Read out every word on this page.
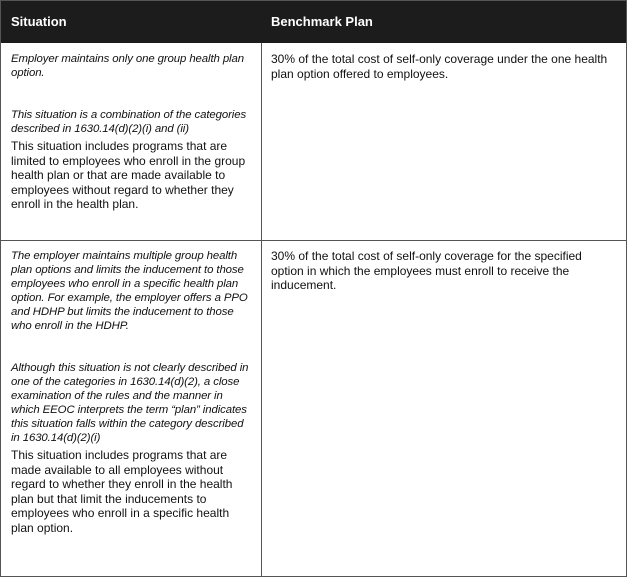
Situation	Benchmark Plan

Employer maintains only one group health plan option.

This situation is a combination of the categories described in 1630.14(d)(2)(i) and (ii)

This situation includes programs that are limited to employees who enroll in the group health plan or that are made available to employees without regard to whether they enroll in the health plan.

30% of the total cost of self-only coverage under the one health plan option offered to employees.

The employer maintains multiple group health plan options and limits the inducement to those employees who enroll in a specific health plan option. For example, the employer offers a PPO and HDHP but limits the inducement to those who enroll in the HDHP.

Although this situation is not clearly described in one of the categories in 1630.14(d)(2), a close examination of the rules and the manner in which EEOC interprets the term “plan” indicates this situation falls within the category described in 1630.14(d)(2)(i)

This situation includes programs that are made available to all employees without regard to whether they enroll in the health plan but that limit the inducements to employees who enroll in a specific health plan option.

30% of the total cost of self-only coverage for the specified option in which the employees must enroll to receive the inducement.
